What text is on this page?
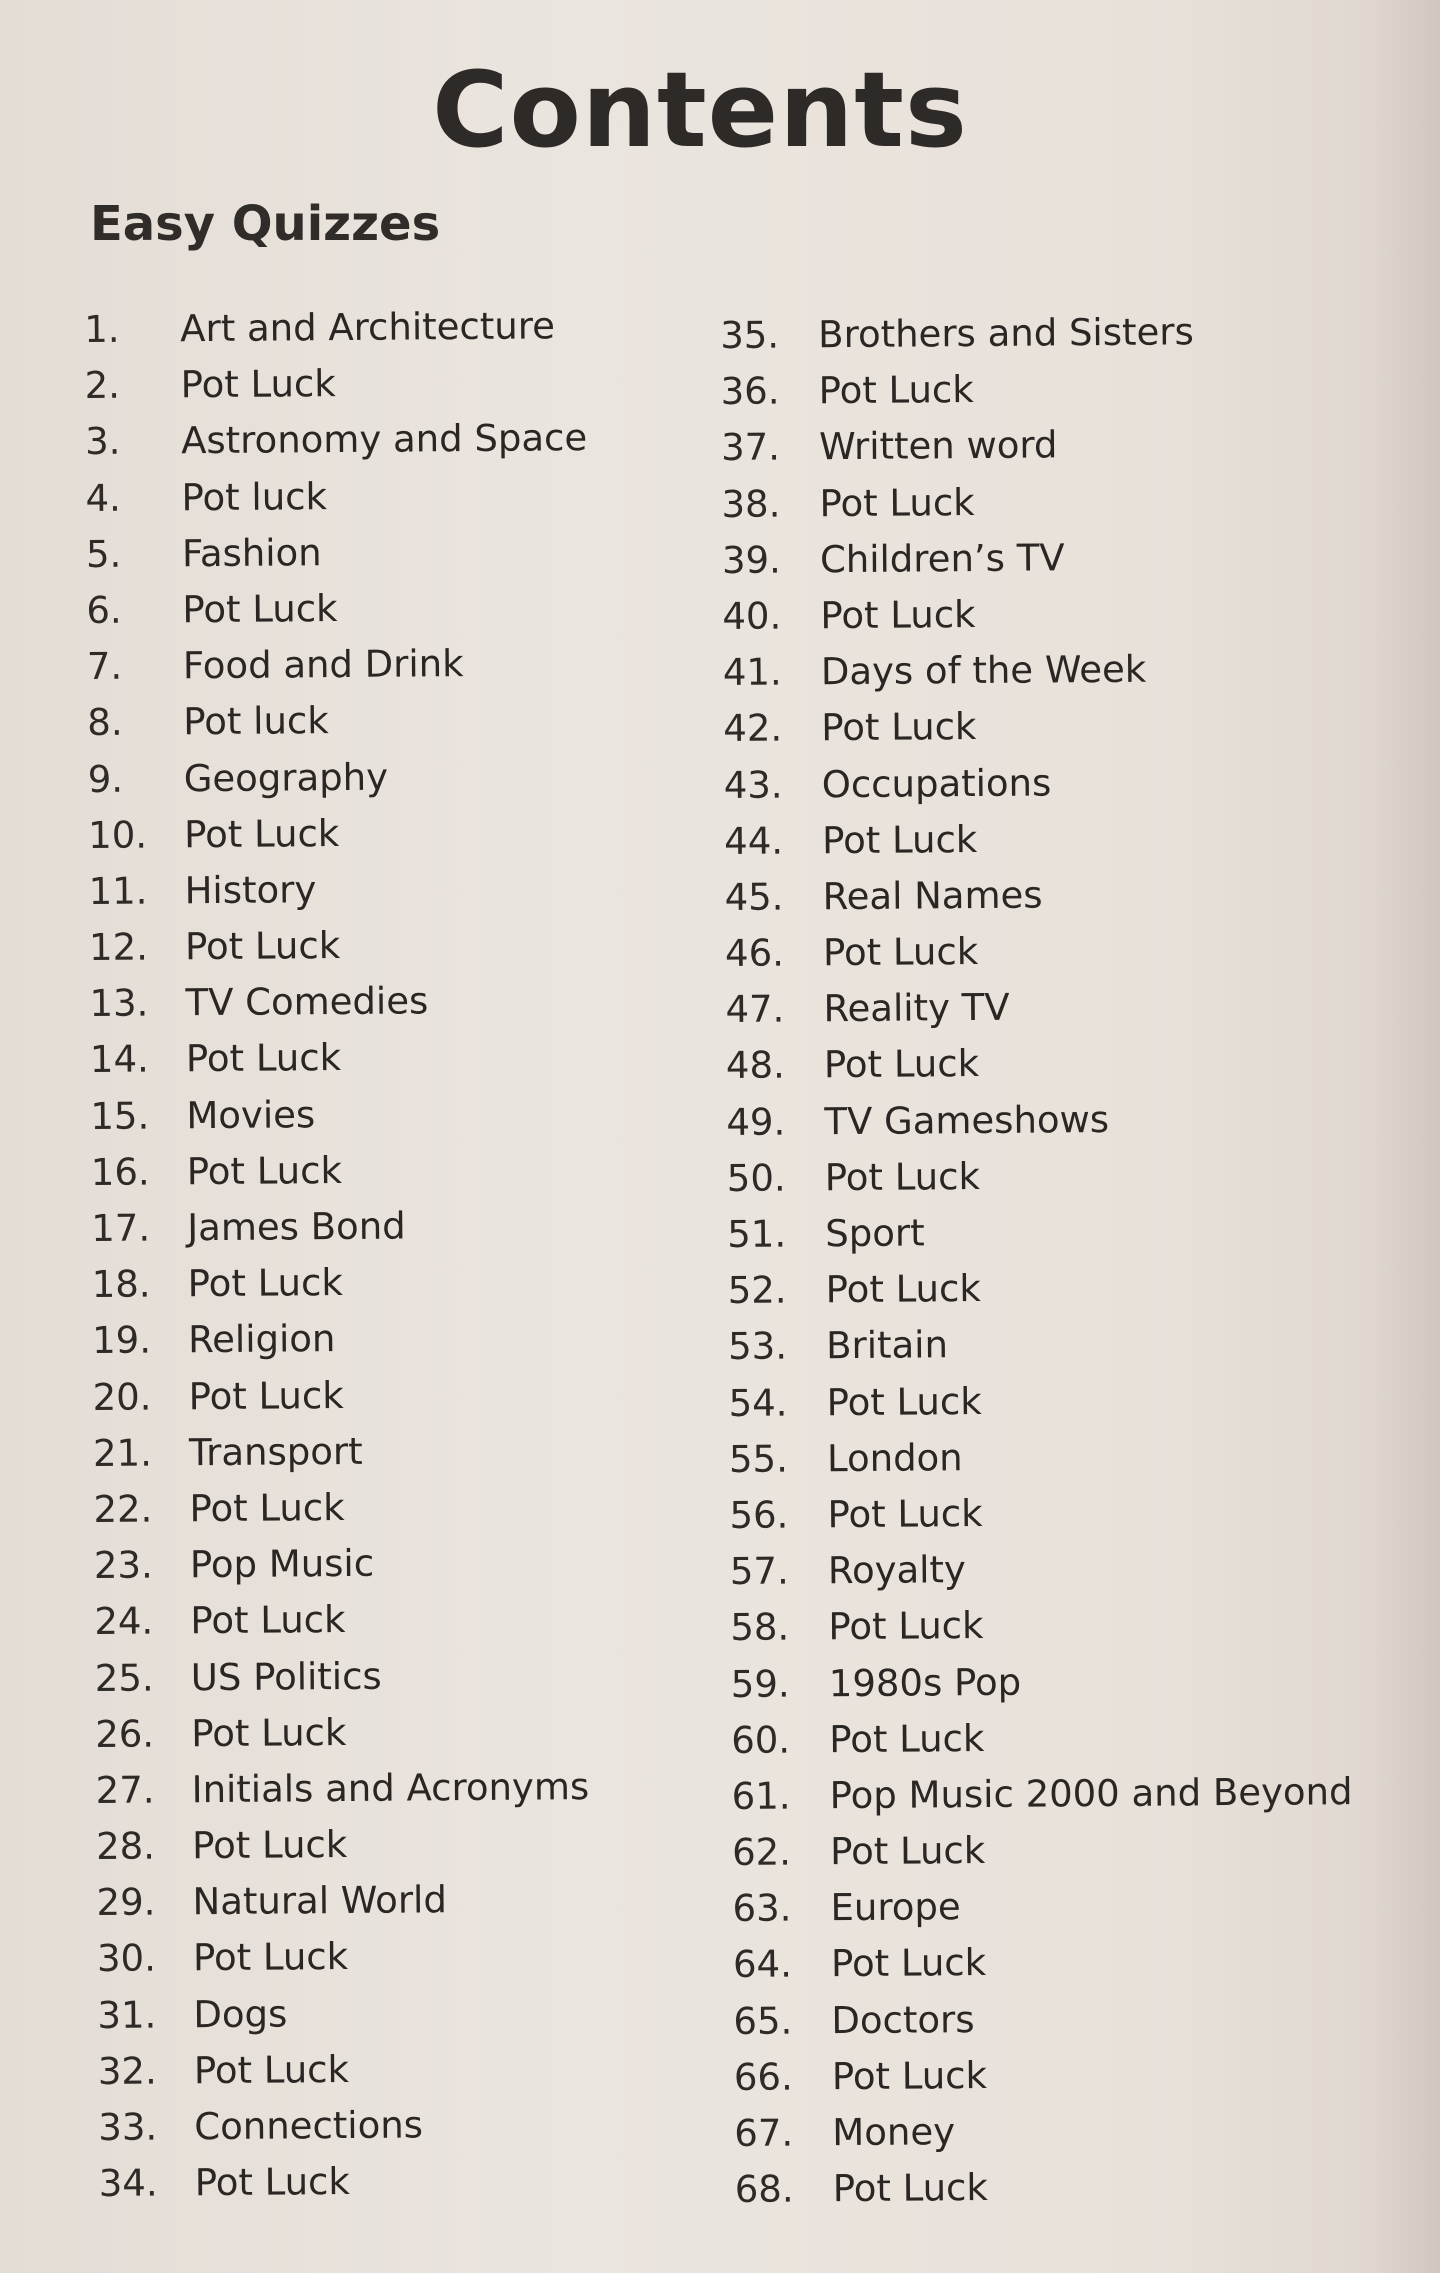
Contents
Easy Quizzes
1.	Art and Architecture
2.	Pot Luck
3.	Astronomy and Space
4.	Pot luck
5.	Fashion
6.	Pot Luck
7.	Food and Drink
8.	Pot luck
9.	Geography
10. Pot Luck
11. History
12. Pot Luck
13. TV Comedies
14. Pot Luck
15. Movies
16. Pot Luck
17. James Bond
18. Pot Luck
19. Religion
20. Pot Luck
21. Transport
22. Pot Luck
23. Pop Music
24. Pot Luck
25. US Politics
26. Pot Luck
27. Initials and Acronyms
28. Pot Luck
29. Natural World
30. Pot Luck
31. Dogs
32. Pot Luck
33. Connections
34. Pot Luck
35.	Brothers and Sisters
36.	Pot Luck
37.	Written word
38.	Pot Luck
39.	Children’s TV
40.	Pot Luck
41.	Days of the Week
42.	Pot Luck
43.	Occupations
44.	Pot Luck
45.	Real Names
46.	Pot Luck
47.	Reality TV
48.	Pot Luck
49.	TV Gameshows
50.	Pot Luck
51.	Sport
52.	Pot Luck
53.	Britain
54.	Pot Luck
55.	London
56.	Pot Luck
57.	Royalty
58.	Pot Luck
59.	1980s Pop
60.	Pot Luck
61.	Pop Music 2000 and Beyond
62.	Pot Luck
63.	Europe
64.	Pot Luck
65.	Doctors
66.	Pot Luck
67.	Money
68.	Pot Luck
